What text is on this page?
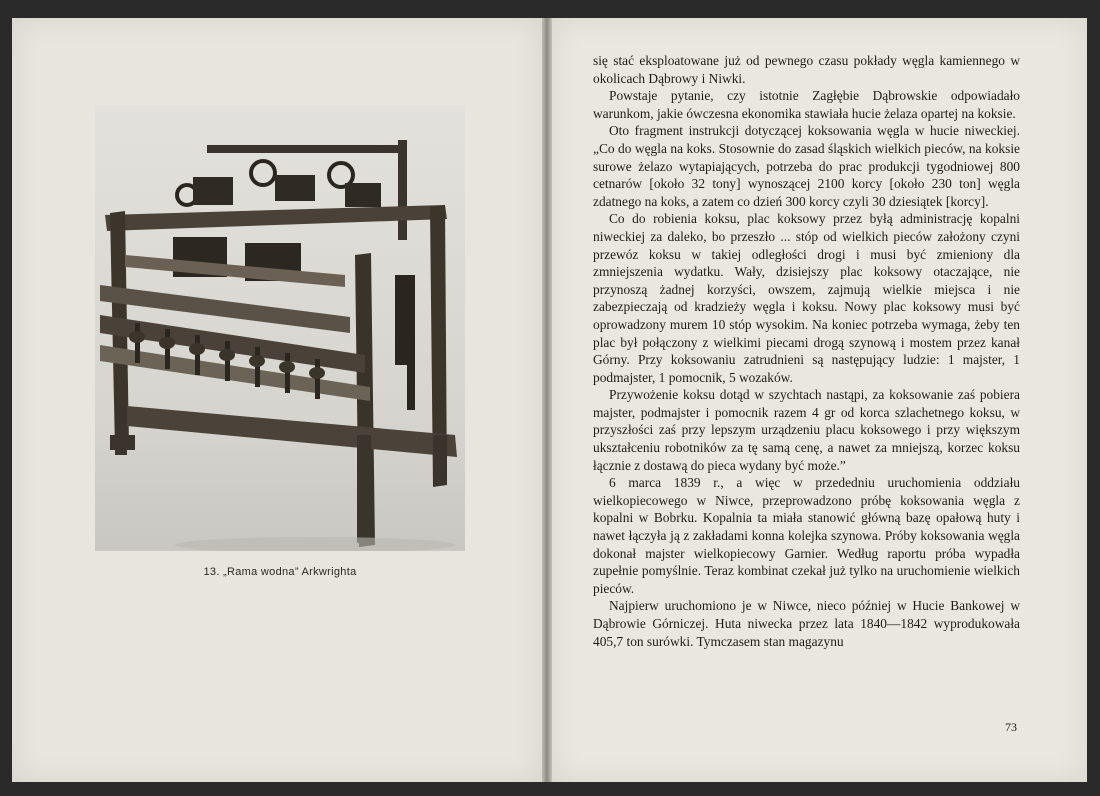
13. „Rama wodna” Arkwrighta

się stać eksploatowane już od pewnego czasu pokłady węgla kamiennego w okolicach Dąbrowy i Niwki.

Powstaje pytanie, czy istotnie Zagłębie Dąbrowskie odpowiadało warunkom, jakie ówczesna ekonomika stawiała hucie żelaza opartej na koksie.

Oto fragment instrukcji dotyczącej koksowania węgla w hucie niweckiej. „Co do węgla na koks. Stosownie do zasad śląskich wielkich pieców, na koksie surowe żelazo wytapiających, potrzeba do prac produkcji tygodniowej 800 cetnarów [około 32 tony] wynoszącej 2100 korcy [około 230 ton] węgla zdatnego na koks, a zatem co dzień 300 korcy czyli 30 dziesiątek [korcy].

Co do robienia koksu, plac koksowy przez byłą administrację kopalni niweckiej za daleko, bo przeszło ... stóp od wielkich pieców założony czyni przewóz koksu w takiej odległości drogi i musi być zmieniony dla zmniejszenia wydatku. Wały, dzisiejszy plac koksowy otaczające, nie przynoszą żadnej korzyści, owszem, zajmują wielkie miejsca i nie zabezpieczają od kradzieży węgla i koksu. Nowy plac koksowy musi być oprowadzony murem 10 stóp wysokim. Na koniec potrzeba wymaga, żeby ten plac był połączony z wielkimi piecami drogą szynową i mostem przez kanał Górny. Przy koksowaniu zatrudnieni są następujący ludzie: 1 majster, 1 podmajster, 1 pomocnik, 5 wozaków.

Przywożenie koksu dotąd w szychtach nastąpi, za koksowanie zaś pobiera majster, podmajster i pomocnik razem 4 gr od korca szlachetnego koksu, w przyszłości zaś przy lepszym urządzeniu placu koksowego i przy większym ukształceniu robotników za tę samą cenę, a nawet za mniejszą, korzec koksu łącznie z dostawą do pieca wydany być może.”

6 marca 1839 r., a więc w przededniu uruchomienia oddziału wielkopiecowego w Niwce, przeprowadzono próbę koksowania węgla z kopalni w Bobrku. Kopalnia ta miała stanowić główną bazę opałową huty i nawet łączyła ją z zakładami konna kolejka szynowa. Próby koksowania węgla dokonał majster wielkopiecowy Garnier. Według raportu próba wypadła zupełnie pomyślnie. Teraz kombinat czekał już tylko na uruchomienie wielkich pieców.

Najpierw uruchomiono je w Niwce, nieco później w Hucie Bankowej w Dąbrowie Górniczej. Huta niwecka przez lata 1840—1842 wyprodukowała 405,7 ton surówki. Tymczasem stan magazynu

73
